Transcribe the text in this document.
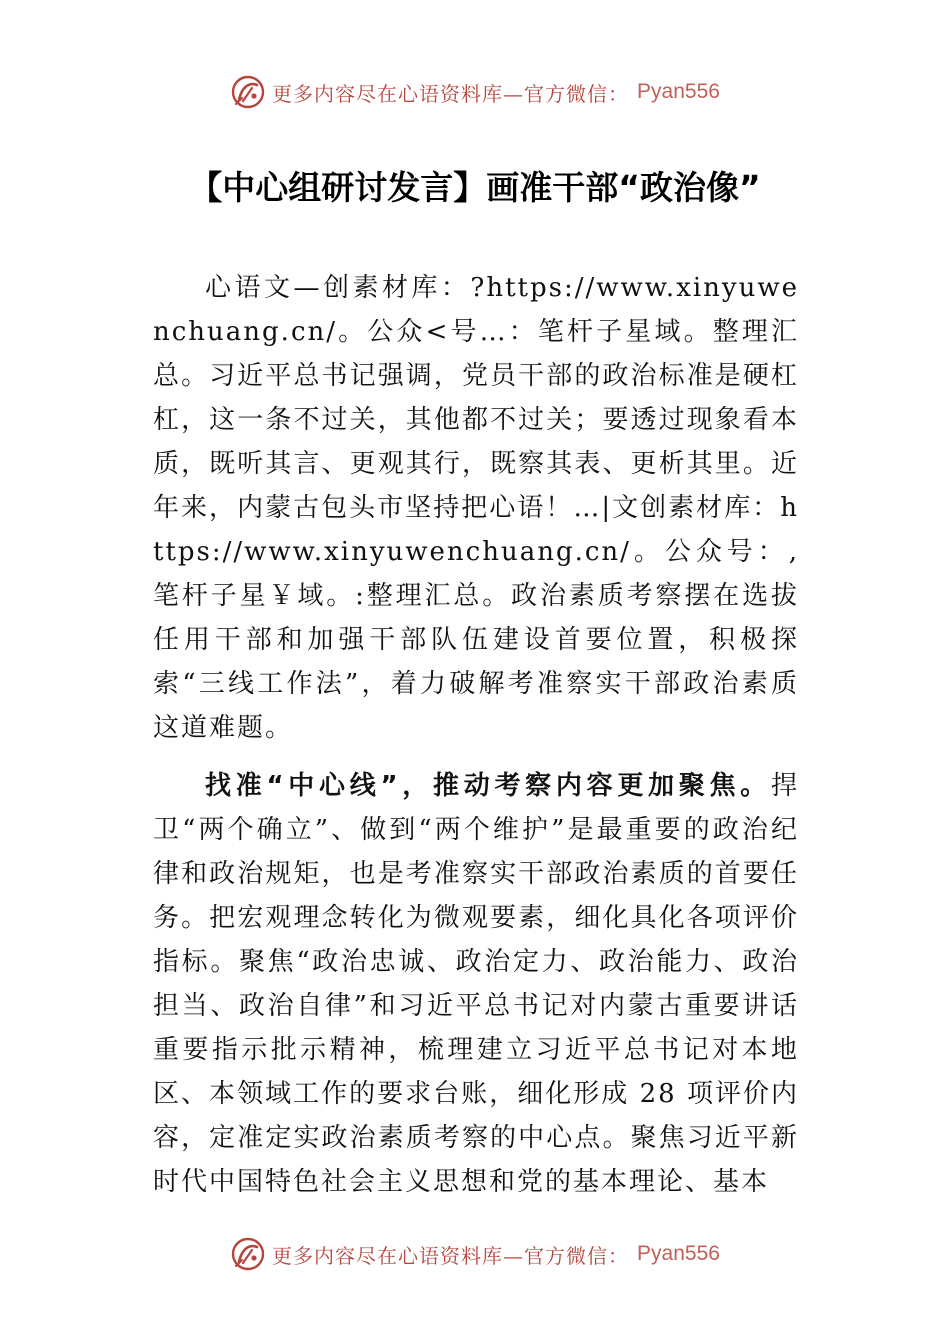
更多内容尽在心语资料库—官方微信： Pyan556
【中心组研讨发言】画准干部“政治像”

心语文—创素材库：?https://www.xinyuwenchuang.cn/。公众<号…：笔杆子星域。整理汇总。习近平总书记强调，党员干部的政治标准是硬杠杠，这一条不过关，其他都不过关；要透过现象看本质，既听其言、更观其行，既察其表、更析其里。近年来，内蒙古包头市坚持把心语！…|文创素材库：https://www.xinyuwenchuang.cn/。公众号：,笔杆子星￥域。:整理汇总。政治素质考察摆在选拔任用干部和加强干部队伍建设首要位置，积极探索“三线工作法”，着力破解考准察实干部政治素质这道难题。

找准“中心线”，推动考察内容更加聚焦。捍卫“两个确立”、做到“两个维护”是最重要的政治纪律和政治规矩，也是考准察实干部政治素质的首要任务。把宏观理念转化为微观要素，细化具化各项评价指标。聚焦“政治忠诚、政治定力、政治能力、政治担当、政治自律”和习近平总书记对内蒙古重要讲话重要指示批示精神，梳理建立习近平总书记对本地区、本领域工作的要求台账，细化形成 28 项评价内容，定准定实政治素质考察的中心点。聚焦习近平新时代中国特色社会主义思想和党的基本理论、基本

更多内容尽在心语资料库—官方微信： Pyan556
